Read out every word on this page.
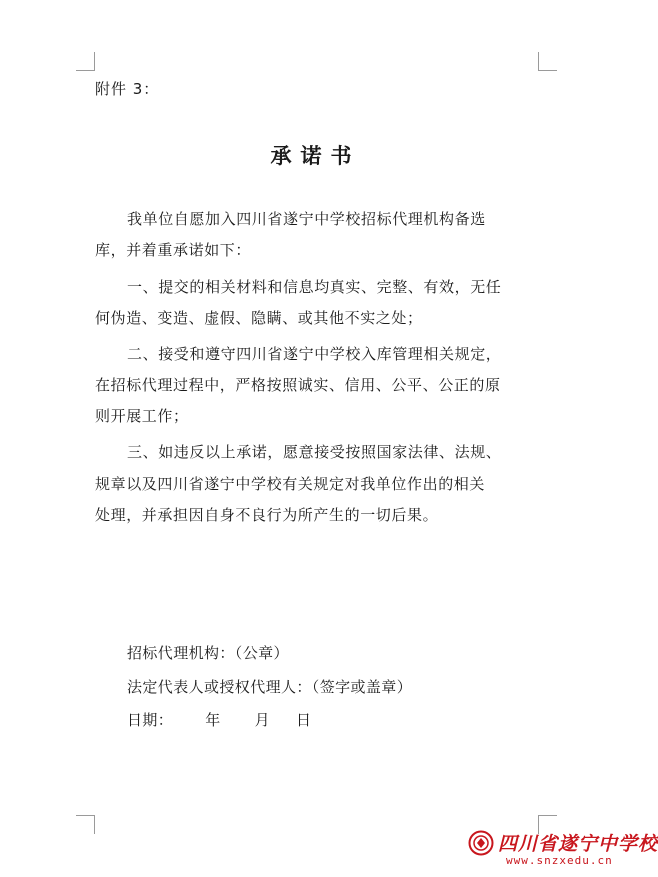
附件 3：
承诺书
我单位自愿加入四川省遂宁中学校招标代理机构备选
库，并着重承诺如下：
一、提交的相关材料和信息均真实、完整、有效，无任
何伪造、变造、虚假、隐瞒、或其他不实之处；
二、接受和遵守四川省遂宁中学校入库管理相关规定，
在招标代理过程中，严格按照诚实、信用、公平、公正的原
则开展工作；
三、如违反以上承诺，愿意接受按照国家法律、法规、
规章以及四川省遂宁中学校有关规定对我单位作出的相关
处理，并承担因自身不良行为所产生的一切后果。
招标代理机构：（公章）
法定代表人或授权代理人：（签字或盖章）
日期： 年 月 日
四川省遂宁中学校
www.snzxedu.cn
